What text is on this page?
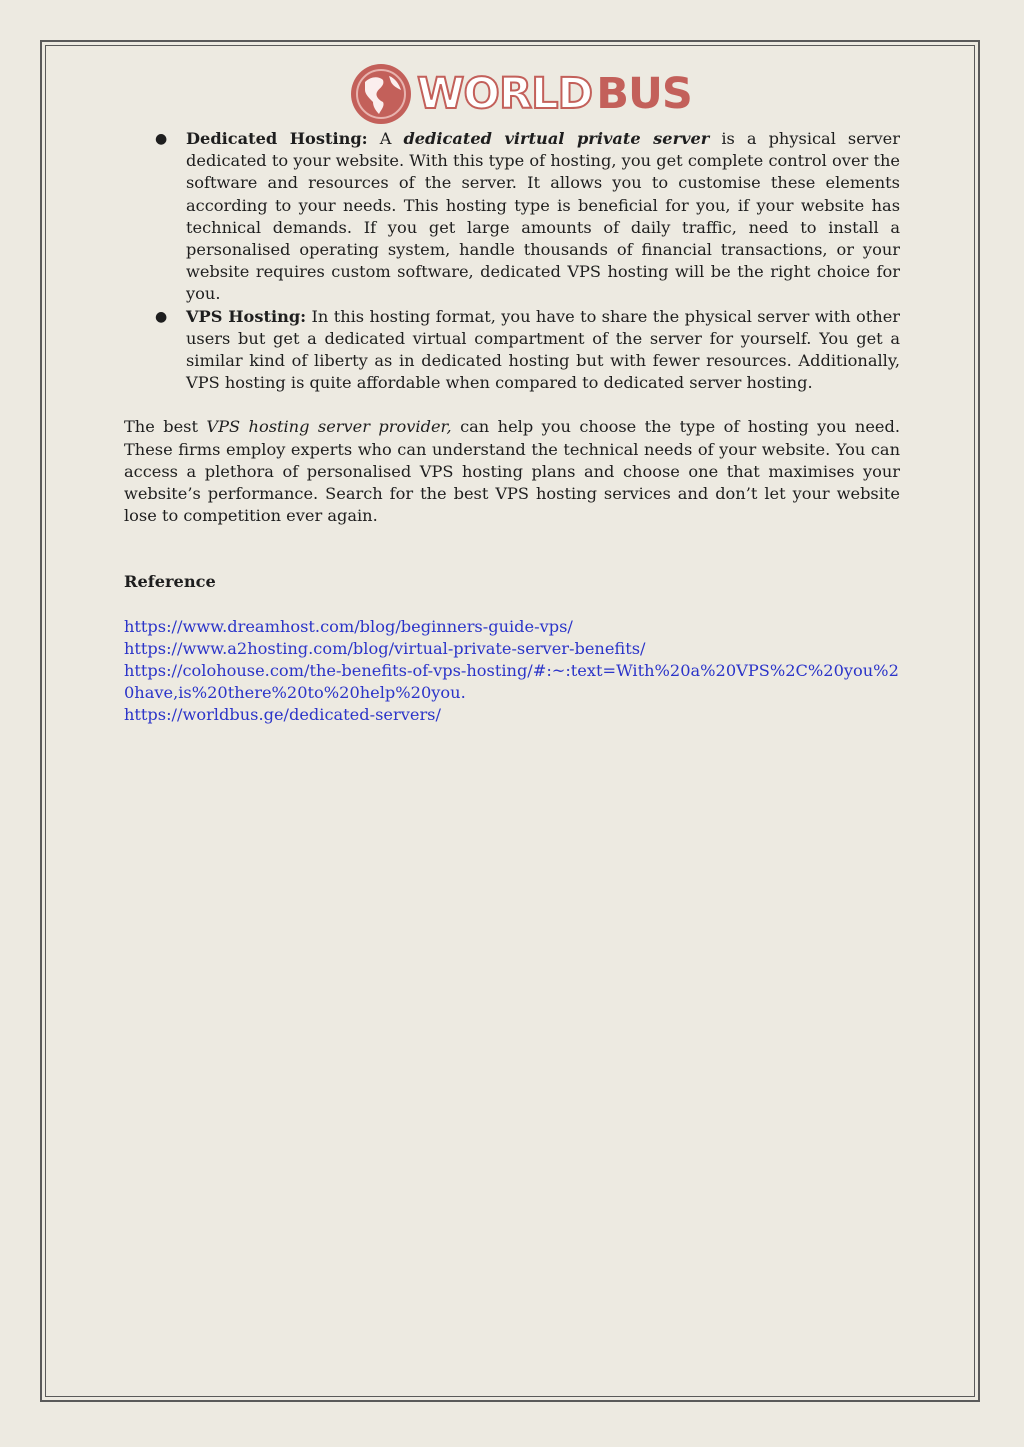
WORLD BUS
● Dedicated Hosting: A dedicated virtual private server is a physical server dedicated to your website. With this type of hosting, you get complete control over the software and resources of the server. It allows you to customise these elements according to your needs. This hosting type is beneficial for you, if your website has technical demands. If you get large amounts of daily traffic, need to install a personalised operating system, handle thousands of financial transactions, or your website requires custom software, dedicated VPS hosting will be the right choice for you.
● VPS Hosting: In this hosting format, you have to share the physical server with other users but get a dedicated virtual compartment of the server for yourself. You get a similar kind of liberty as in dedicated hosting but with fewer resources. Additionally, VPS hosting is quite affordable when compared to dedicated server hosting.

The best VPS hosting server provider, can help you choose the type of hosting you need. These firms employ experts who can understand the technical needs of your website. You can access a plethora of personalised VPS hosting plans and choose one that maximises your website’s performance. Search for the best VPS hosting services and don’t let your website lose to competition ever again.

Reference
https://www.dreamhost.com/blog/beginners-guide-vps/
https://www.a2hosting.com/blog/virtual-private-server-benefits/
https://colohouse.com/the-benefits-of-vps-hosting/#:~:text=With%20a%20VPS%2C%20you%20have,is%20there%20to%20help%20you.
https://worldbus.ge/dedicated-servers/
